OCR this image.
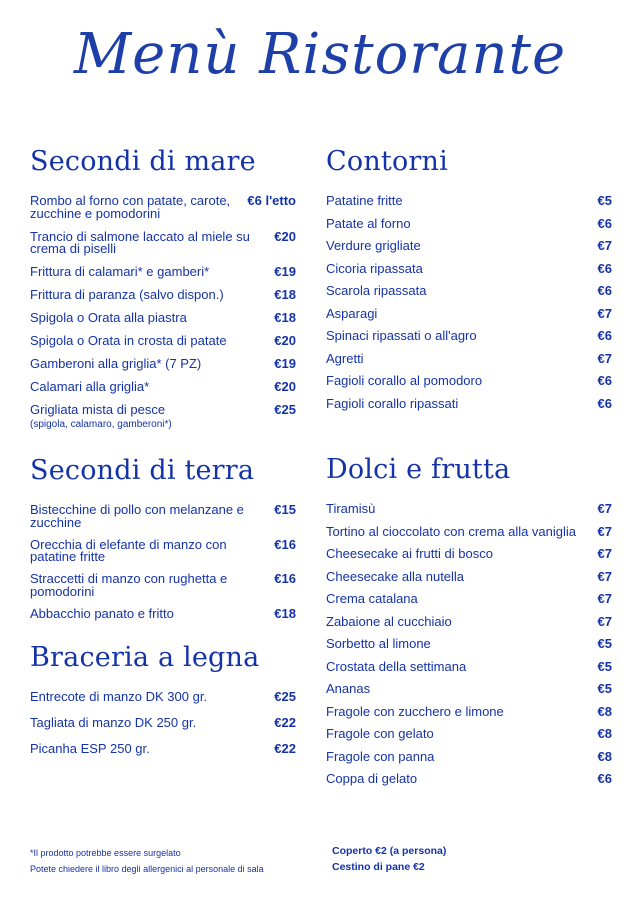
Menù Ristorante
Secondi di mare
Rombo al forno con patate, carote, zucchine e pomodorini
€6 l'etto
Trancio di salmone laccato al miele su crema di piselli
€20
Frittura di calamari* e gamberi*	€19
Frittura di paranza (salvo dispon.)	€18
Spigola o Orata alla piastra	€18
Spigola o Orata in crosta di patate	€20
Gamberoni alla griglia* (7 PZ)	€19
Calamari alla griglia*	€20
Grigliata mista di pesce
(spigola, calamaro, gamberoni*)
€25
Secondi di terra
Bistecchine di pollo con melanzane e zucchine
€15
Orecchia di elefante di manzo con patatine fritte
€16
Straccetti di manzo con rughetta e pomodorini
€16
Abbacchio panato e fritto	€18
Braceria a legna
Entrecote di manzo DK 300 gr.	€25
Tagliata di manzo DK 250 gr.	€22
Picanha ESP 250 gr.	€22
Contorni
Patatine fritte	€5
Patate al forno	€6
Verdure grigliate	€7
Cicoria ripassata	€6
Scarola ripassata	€6
Asparagi	€7
Spinaci ripassati o all'agro	€6
Agretti	€7
Fagioli corallo al pomodoro	€6
Fagioli corallo ripassati	€6
Dolci e frutta
Tiramisù	€7
Tortino al cioccolato con crema alla vaniglia	€7
Cheesecake ai frutti di bosco	€7
Cheesecake alla nutella	€7
Crema catalana	€7
Zabaione al cucchiaio	€7
Sorbetto al limone	€5
Crostata della settimana	€5
Ananas	€5
Fragole con zucchero e limone	€8
Fragole con gelato	€8
Fragole con panna	€8
Coppa di gelato	€6
*Il prodotto potrebbe essere surgelato
Potete chiedere il libro degli allergenici al personale di sala
Coperto €2 (a persona)
Cestino di pane €2
